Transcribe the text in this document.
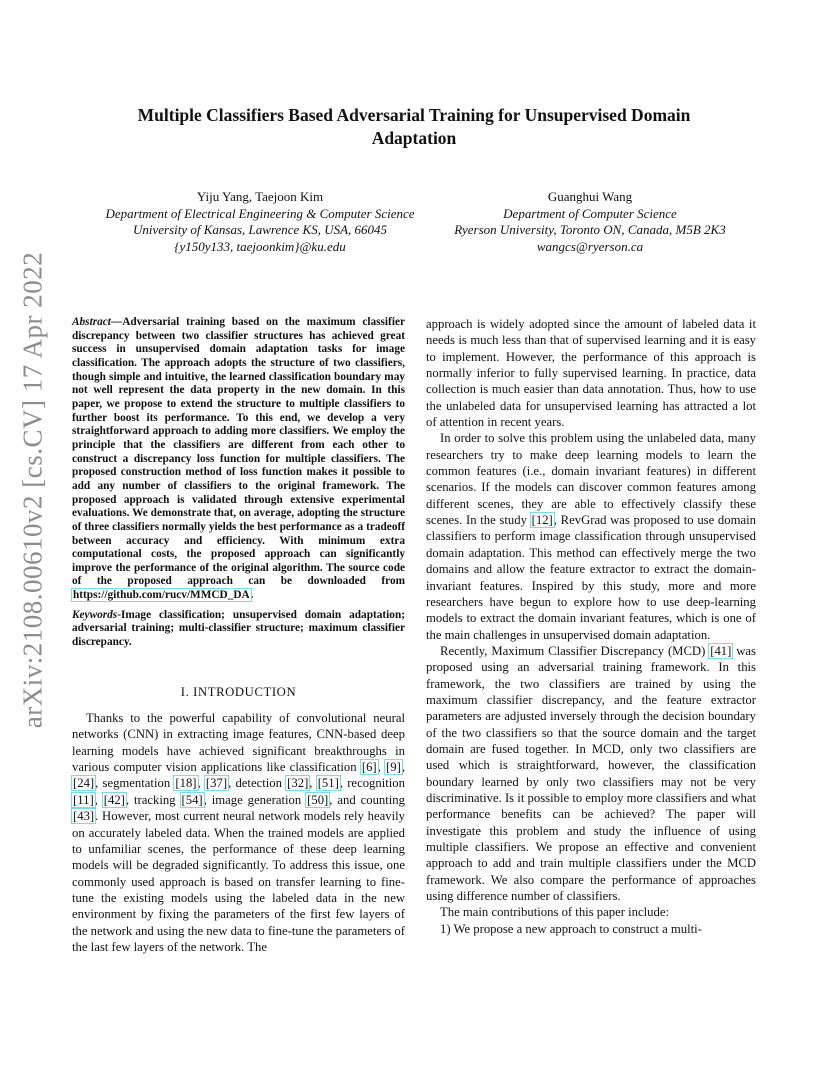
arXiv:2108.00610v2 [cs.CV] 17 Apr 2022
Multiple Classifiers Based Adversarial Training for Unsupervised Domain Adaptation
Yiju Yang, Taejoon Kim
Department of Electrical Engineering & Computer Science
University of Kansas, Lawrence KS, USA, 66045
{y150y133, taejoonkim}@ku.edu
Guanghui Wang
Department of Computer Science
Ryerson University, Toronto ON, Canada, M5B 2K3
wangcs@ryerson.ca

Abstract—Adversarial training based on the maximum classifier discrepancy between two classifier structures has achieved great success in unsupervised domain adaptation tasks for image classification. The approach adopts the structure of two classifiers, though simple and intuitive, the learned classification boundary may not well represent the data property in the new domain. In this paper, we propose to extend the structure to multiple classifiers to further boost its performance. To this end, we develop a very straightforward approach to adding more classifiers. We employ the principle that the classifiers are different from each other to construct a discrepancy loss function for multiple classifiers. The proposed construction method of loss function makes it possible to add any number of classifiers to the original framework. The proposed approach is validated through extensive experimental evaluations. We demonstrate that, on average, adopting the structure of three classifiers normally yields the best performance as a tradeoff between accuracy and efficiency. With minimum extra computational costs, the proposed approach can significantly improve the performance of the original algorithm. The source code of the proposed approach can be downloaded from https://github.com/rucv/MMCD_DA.

Keywords-Image classification; unsupervised domain adaptation; adversarial training; multi-classifier structure; maximum classifier discrepancy.
I. INTRODUCTION

Thanks to the powerful capability of convolutional neural networks (CNN) in extracting image features, CNN-based deep learning models have achieved significant breakthroughs in various computer vision applications like classification [6], [9], [24], segmentation [18], [37], detection [32], [51], recognition [11], [42], tracking [54], image generation [50], and counting [43]. However, most current neural network models rely heavily on accurately labeled data. When the trained models are applied to unfamiliar scenes, the performance of these deep learning models will be degraded significantly. To address this issue, one commonly used approach is based on transfer learning to fine-tune the existing models using the labeled data in the new environment by fixing the parameters of the first few layers of the network and using the new data to fine-tune the parameters of the last few layers of the network. The

approach is widely adopted since the amount of labeled data it needs is much less than that of supervised learning and it is easy to implement. However, the performance of this approach is normally inferior to fully supervised learning. In practice, data collection is much easier than data annotation. Thus, how to use the unlabeled data for unsupervised learning has attracted a lot of attention in recent years.

In order to solve this problem using the unlabeled data, many researchers try to make deep learning models to learn the common features (i.e., domain invariant features) in different scenarios. If the models can discover common features among different scenes, they are able to effectively classify these scenes. In the study [12], RevGrad was proposed to use domain classifiers to perform image classification through unsupervised domain adaptation. This method can effectively merge the two domains and allow the feature extractor to extract the domain-invariant features. Inspired by this study, more and more researchers have begun to explore how to use deep-learning models to extract the domain invariant features, which is one of the main challenges in unsupervised domain adaptation.

Recently, Maximum Classifier Discrepancy (MCD) [41] was proposed using an adversarial training framework. In this framework, the two classifiers are trained by using the maximum classifier discrepancy, and the feature extractor parameters are adjusted inversely through the decision boundary of the two classifiers so that the source domain and the target domain are fused together. In MCD, only two classifiers are used which is straightforward, however, the classification boundary learned by only two classifiers may not be very discriminative. Is it possible to employ more classifiers and what performance benefits can be achieved? The paper will investigate this problem and study the influence of using multiple classifiers. We propose an effective and convenient approach to add and train multiple classifiers under the MCD framework. We also compare the performance of approaches using difference number of classifiers.

The main contributions of this paper include:

1) We propose a new approach to construct a multi-
